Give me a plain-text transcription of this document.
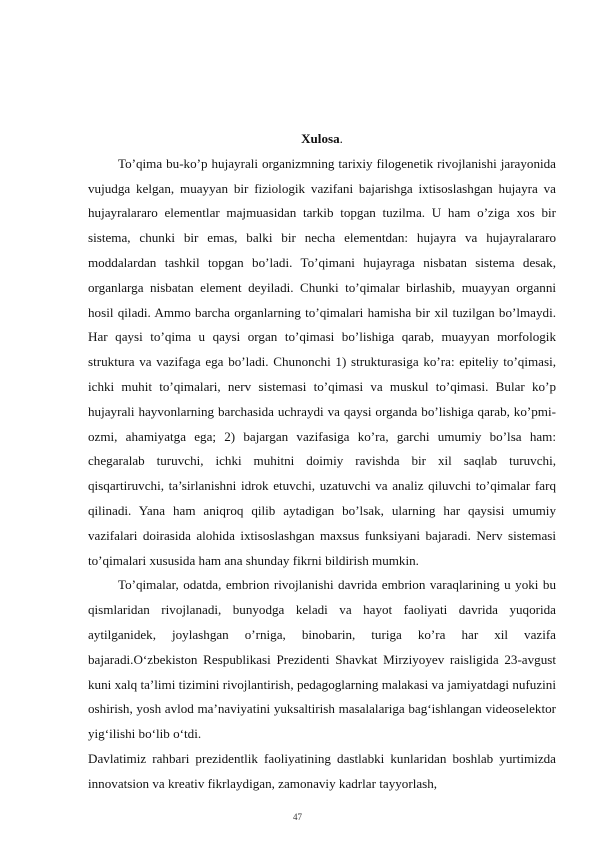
Xulosa.

To’qima bu-ko’p hujayrali organizmning tarixiy filogenetik rivojlanishi jarayonida vujudga kelgan, muayyan bir fiziologik vazifani bajarishga ixtisoslashgan hujayra va hujayralararo elementlar majmuasidan tarkib topgan tuzilma. U ham o’ziga xos bir sistema, chunki bir emas, balki bir necha elementdan: hujayra va hujayralararo moddalardan tashkil topgan bo’ladi. To’qimani hujayraga nisbatan sistema desak, organlarga nisbatan element deyiladi. Chunki to’qimalar birlashib, muayyan organni hosil qiladi. Ammo barcha organlarning to’qimalari hamisha bir xil tuzilgan bo’lmaydi. Har qaysi to’qima u qaysi organ to’qimasi bo’lishiga qarab, muayyan morfologik struktura va vazifaga ega bo’ladi. Chunonchi 1) strukturasiga ko’ra: epiteliy to’qimasi, ichki muhit to’qimalari, nerv sistemasi to’qimasi va muskul to’qimasi. Bular ko’p hujayrali hayvonlarning barchasida uchraydi va qaysi organda bo’lishiga qarab, ko’pmi-ozmi, ahamiyatga ega; 2) bajargan vazifasiga ko’ra, garchi umumiy bo’lsa ham: chegaralab turuvchi, ichki muhitni doimiy ravishda bir xil saqlab turuvchi, qisqartiruvchi, ta’sirlanishni idrok etuvchi, uzatuvchi va analiz qiluvchi to’qimalar farq qilinadi. Yana ham aniqroq qilib aytadigan bo’lsak, ularning har qaysisi umumiy vazifalari doirasida alohida ixtisoslashgan maxsus funksiyani bajaradi. Nerv sistemasi to’qimalari xususida ham ana shunday fikrni bildirish mumkin.

To’qimalar, odatda, embrion rivojlanishi davrida embrion varaqlarining u yoki bu qismlaridan rivojlanadi, bunyodga keladi va hayot faoliyati davrida yuqorida aytilganidek, joylashgan o’rniga, binobarin, turiga ko’ra har xil vazifa bajaradi.O‘zbekiston Respublikasi Prezidenti Shavkat Mirziyoyev raisligida 23-avgust kuni xalq ta’limi tizimini rivojlantirish, pedagoglarning malakasi va jamiyatdagi nufuzini oshirish, yosh avlod ma’naviyatini yuksaltirish masalalariga bag‘ishlangan videoselektor yig‘ilishi bo‘lib o‘tdi.

Davlatimiz rahbari prezidentlik faoliyatining dastlabki kunlaridan boshlab yurtimizda innovatsion va kreativ fikrlaydigan, zamonaviy kadrlar tayyorlash,

47
